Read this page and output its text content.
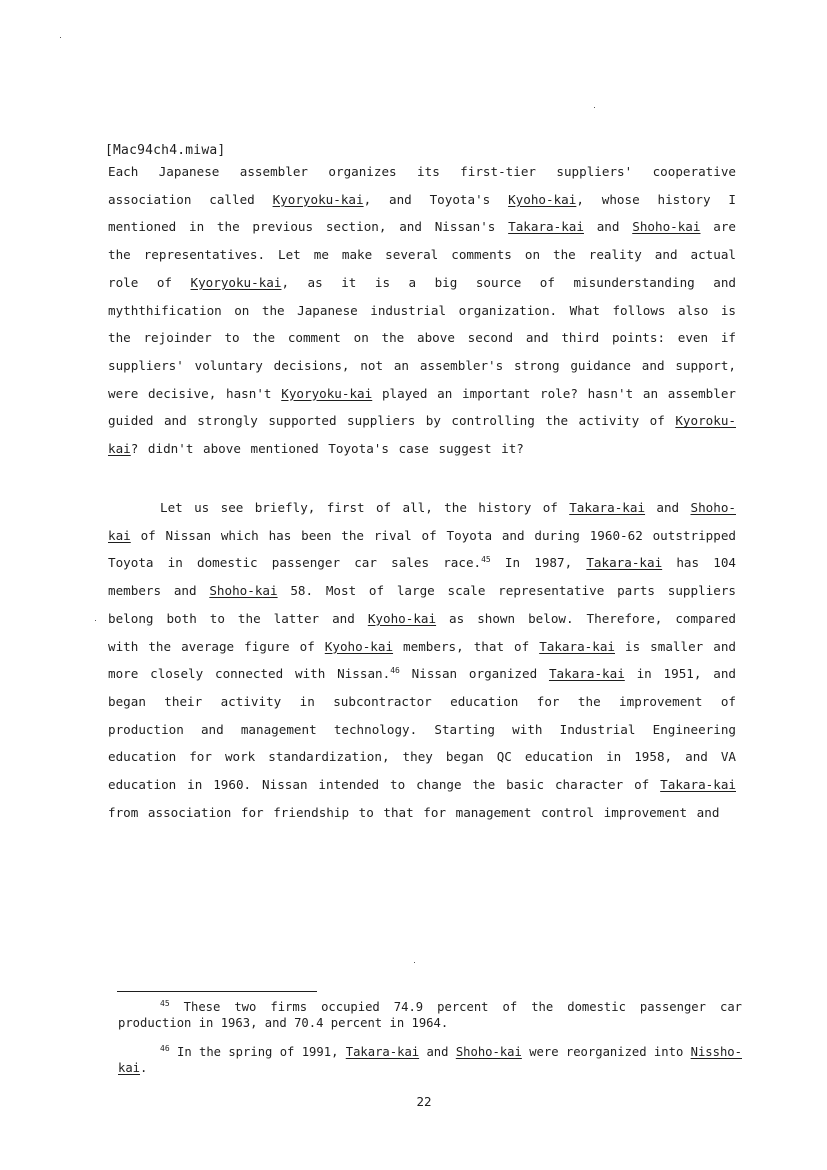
[Mac94ch4.miwa]

Each Japanese assembler organizes its first-tier suppliers' cooperative association called Kyoryoku-kai, and Toyota's Kyoho-kai, whose history I mentioned in the previous section, and Nissan's Takara-kai and Shoho-kai are the representatives. Let me make several comments on the reality and actual role of Kyoryoku-kai, as it is a big source of misunderstanding and myththification on the Japanese industrial organization. What follows also is the rejoinder to the comment on the above second and third points: even if suppliers' voluntary decisions, not an assembler's strong guidance and support, were decisive, hasn't Kyoryoku-kai played an important role? hasn't an assembler guided and strongly supported suppliers by controlling the activity of Kyoroku-kai? didn't above mentioned Toyota's case suggest it?

Let us see briefly, first of all, the history of Takara-kai and Shoho-kai of Nissan which has been the rival of Toyota and during 1960-62 outstripped Toyota in domestic passenger car sales race.$^{45}$ In 1987, Takara-kai has 104 members and Shoho-kai 58. Most of large scale representative parts suppliers belong both to the latter and Kyoho-kai as shown below. Therefore, compared with the average figure of Kyoho-kai members, that of Takara-kai is smaller and more closely connected with Nissan.$^{46}$ Nissan organized Takara-kai in 1951, and began their activity in subcontractor education for the improvement of production and management technology. Starting with Industrial Engineering education for work standardization, they began QC education in 1958, and VA education in 1960. Nissan intended to change the basic character of Takara-kai from association for friendship to that for management control improvement and

$^{45}$ These two firms occupied 74.9 percent of the domestic passenger car production in 1963, and 70.4 percent in 1964.

$^{46}$ In the spring of 1991, Takara-kai and Shoho-kai were reorganized into Nissho-kai.

22
